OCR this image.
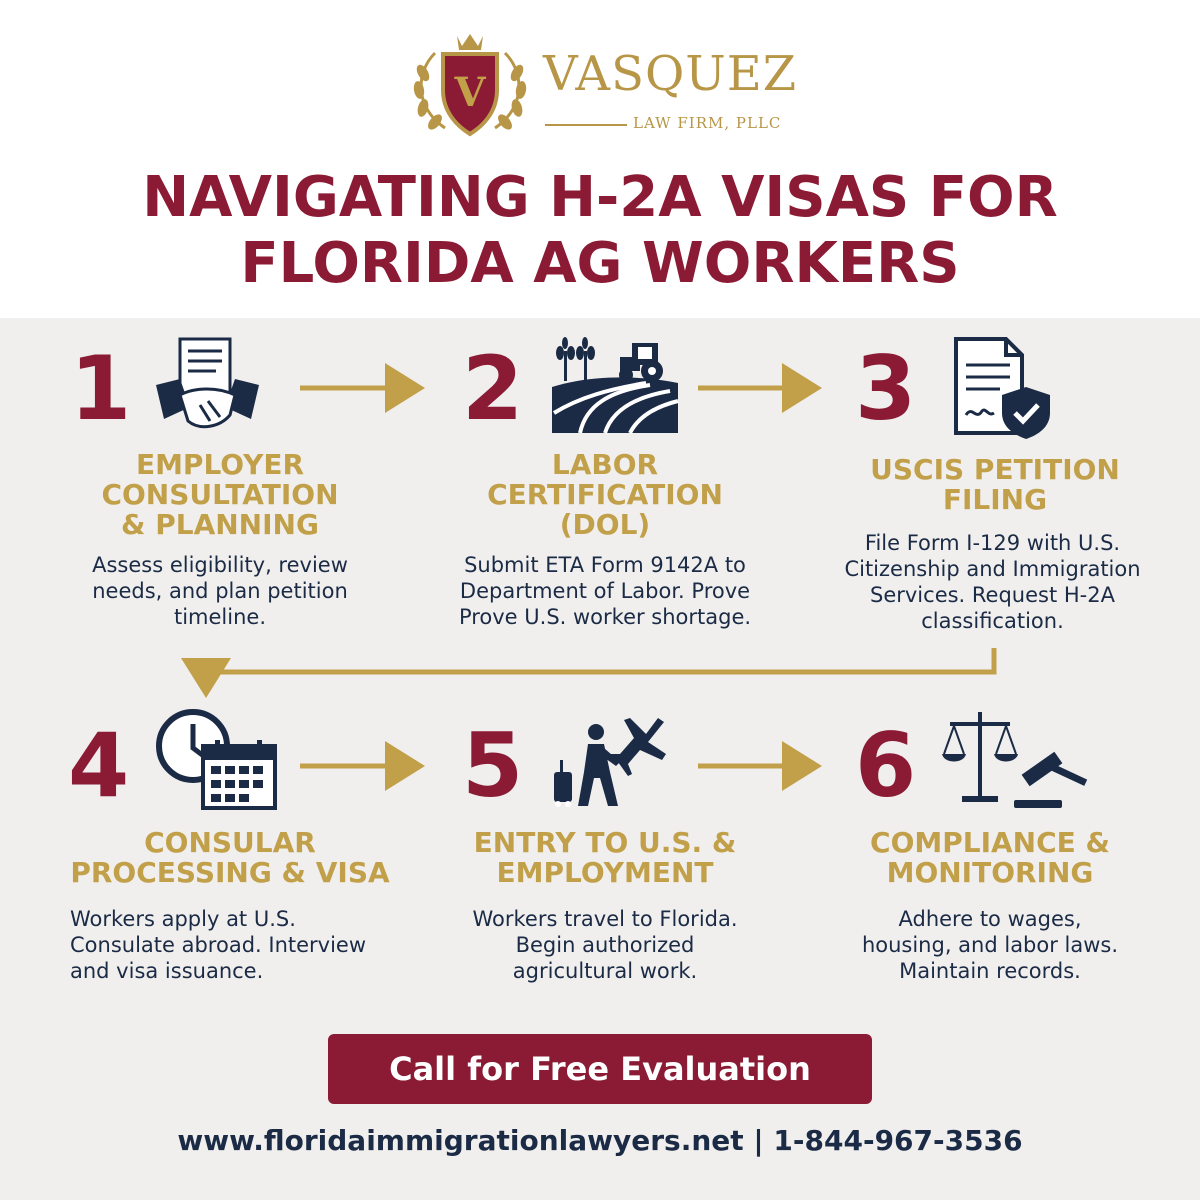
V VASQUEZ
LAW FIRM, PLLC
NAVIGATING H-2A VISAS FOR
FLORIDA AG WORKERS
1
EMPLOYER
CONSULTATION
& PLANNING
Assess eligibility, review
needs, and plan petition
timeline.
2
LABOR
CERTIFICATION
(DOL)
Submit ETA Form 9142A to
Department of Labor. Prove
Prove U.S. worker shortage.
3
USCIS PETITION
FILING
File Form I-129 with U.S.
Citizenship and Immigration
Services. Request H-2A
classification.
4
CONSULAR
PROCESSING & VISA
Workers apply at U.S.
Consulate abroad. Interview
and visa issuance.
5
ENTRY TO U.S. &
EMPLOYMENT
Workers travel to Florida.
Begin authorized
agricultural work.
6
COMPLIANCE &
MONITORING
Adhere to wages,
housing, and labor laws.
Maintain records.
Call for Free Evaluation
www.floridaimmigrationlawyers.net | 1-844-967-3536
